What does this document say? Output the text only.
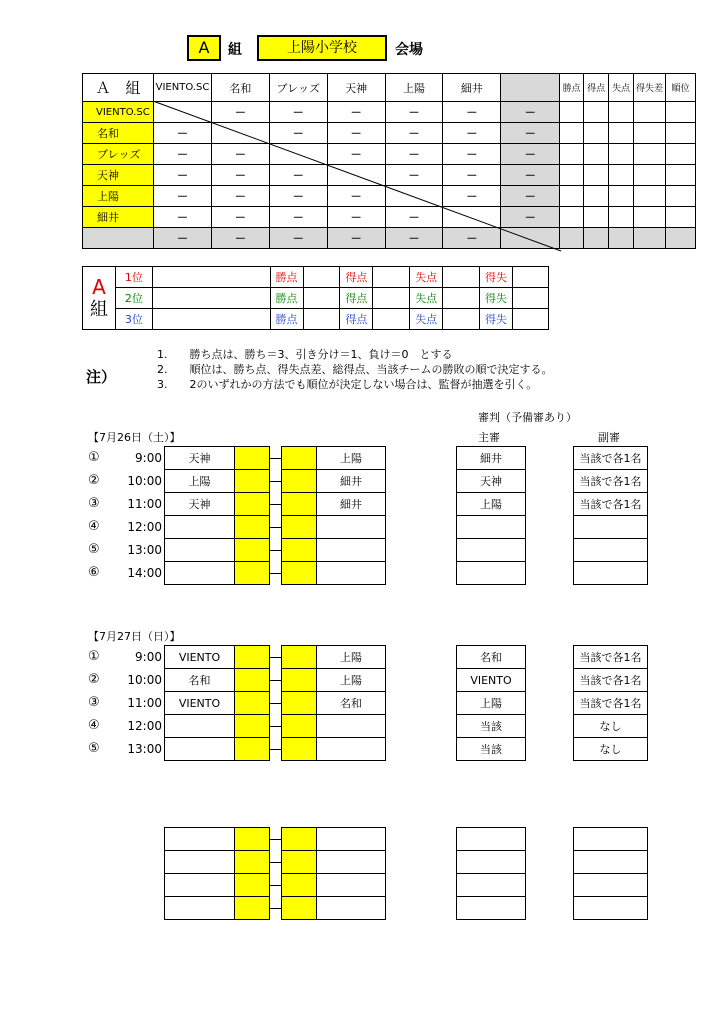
A	組	上陽小学校	会場
Ａ　組	VIENTO.SC	名和	ブレッズ	天神	上陽	細井		勝点	得点	失点	得失差	順位
VIENTO.SC		－	－	－	－	－	－					
名和	－		－	－	－	－	－					
ブレッズ	－	－		－	－	－	－					
天神	－	－	－		－	－	－					
上陽	－	－	－	－		－	－					
細井	－	－	－	－	－		－					
	－	－	－	－	－	－						
A
組	1位		勝点		得点		失点		得失	
	2位		勝点		得点		失点		得失	
	3位		勝点		得点		失点		得失	
注）
1.　　勝ち点は、勝ち＝3、引き分け＝1、負け＝0　とする
2.　　順位は、勝ち点、得失点差、総得点、当該チームの勝敗の順で決定する。
3.　　2のいずれかの方法でも順位が決定しない場合は、監督が抽選を引く。
審判（予備審あり）
主審	副審
【7月26日（土）】
①	9:00	天神	上陽	細井	当該で各1名
②	10:00	上陽	細井	天神	当該で各1名
③	11:00	天神	細井	上陽	当該で各1名
④	12:00
⑤	13:00
⑥	14:00
【7月27日（日）】
①	9:00	VIENTO	上陽	名和	当該で各1名
②	10:00	名和	上陽	VIENTO	当該で各1名
③	11:00	VIENTO	名和	上陽	当該で各1名
④	12:00	当該	なし
⑤	13:00	当該	なし
